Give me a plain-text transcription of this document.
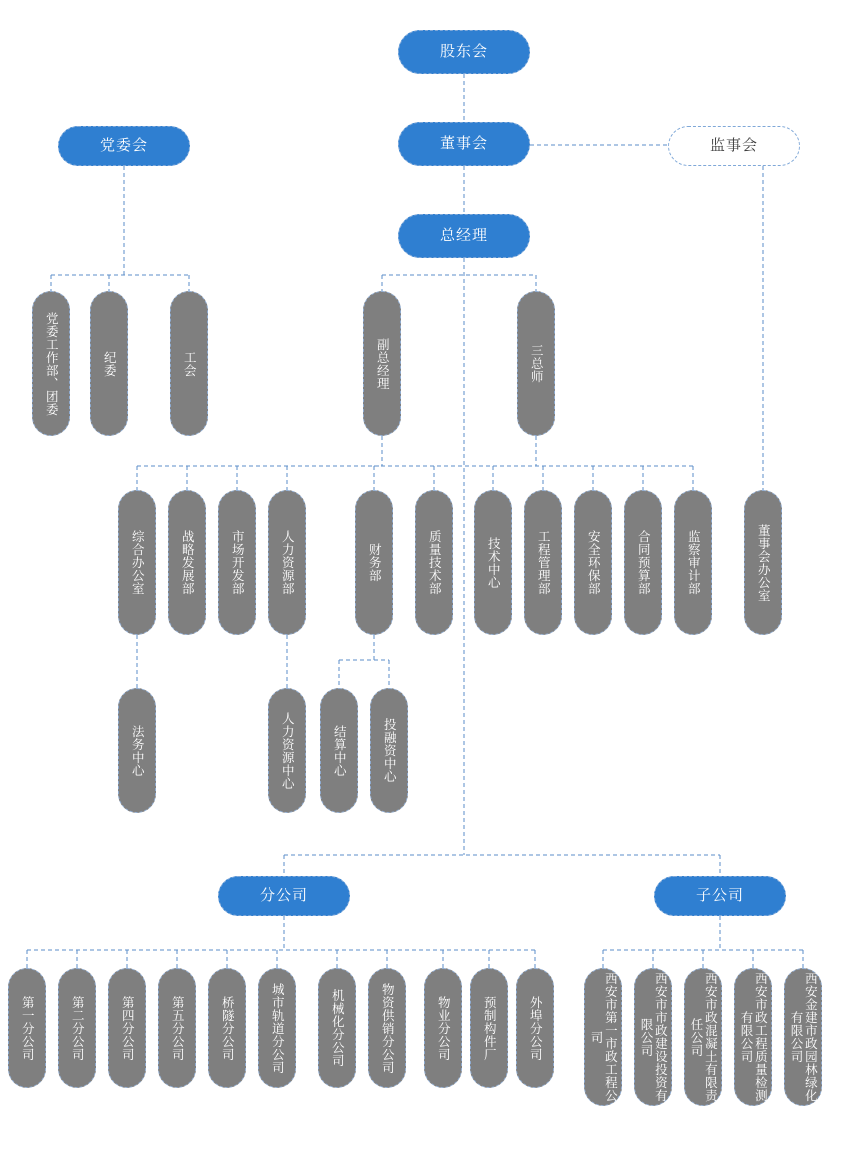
股东会
董事会	监事会
党委会
总经理
党委工作部、团委	纪委	工会	副总经理	三总师
综合办公室	战略发展部	市场开发部	人力资源部	财务部	质量技术部	技术中心	工程管理部	安全环保部	合同预算部	监察审计部	董事会办公室
法务中心	人力资源中心	结算中心	投融资中心
分公司	子公司
第一分公司	第二分公司	第四分公司	第五分公司	桥隧分公司	城市轨道分公司	机械化分公司	物资供销分公司	物业分公司	预制构件厂	外埠分公司	西安市第一市政工程公司	西安市市政建设投资有限公司	西安市政混凝土有限责任公司	西安市政工程质量检测有限公司	西安金建市政园林绿化有限公司
